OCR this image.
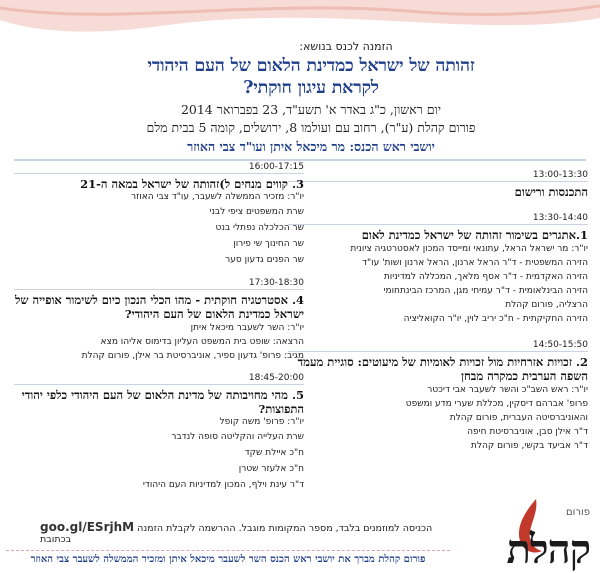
הזמנה לכנס בנושא:
זהותה של ישראל כמדינת הלאום של העם היהודי
לקראת עיגון חוקתי?
יום ראשון, כ"ג באדר א' תשע"ד, 23 בפברואר 2014
פורום קהלת (ע"ר), רחוב עם ועולמו 8, ירושלים, קומה 5 בבית מלם
יושבי ראש הכנס: מר מיכאל איתן ועו"ד צבי האוזר
13:00-13:30
התכנסות ורישום
13:30-14:40
1.אתגרים בשימור זהותה של ישראל כמדינת לאום
יו"ר: מר ישראל הראל, עתונאי ומייסד המכון לאסטרטגיה ציונית
הזירה המשפטית - ד"ר הראל ארנון, הראל ארנון ושות' עו"ד
הזירה האקדמית - ד"ר אסף מלאך, המכללה למדיניות
הזירה הבינלאומית - ד"ר עמיחי מגן, המרכז הבינתחומי
הרצליה, פורום קהלת
הזירה החקיקתית - ח"כ יריב לוין, יו"ר הקואליציה
14:50-15:50
2. זכויות אזרחיות מול זכויות לאומיות של מיעוטים: סוגיית מעמד השפה הערבית כמקרה מבחן
יו"ר: ראש השב"כ והשר לשעבר אבי דיכטר
פרופ' אברהם דיסקין, מכללת שערי מדע ומשפט
והאוניברסיטה העברית, פורום קהלת
ד"ר אילן סבן, אוניברסיטת חיפה
ד"ר אביעד בקשי, פורום קהלת
16:00-17:15
3. קווים מנחים ל)זהותה של ישראל במאה ה-21
יו"ר: מזכיר הממשלה לשעבר, עו"ד צבי האוזר
שרת המשפטים ציפי לבני
שר הכלכלה נפתלי בנט
שר החינוך שי פירון
שר הפנים גדעון סער
17:30-18:30
4. אסטרטגיה חוקתית - מהו הכלי הנכון כיום לשימור אופייה של ישראל כמדינת הלאום של העם היהודי?
יו"ר: השר לשעבר מיכאל איתן
הרצאה: שופט בית המשפט העליון בדימוס אליהו מצא
מגיב: פרופ' גדעון ספיר, אוניברסיטת בר אילן, פורום קהלת
18:45-20:00
5. מהי מחויבותה של מדינת הלאום של העם היהודי כלפי יהודי התפוצות?
יו"ר: פרופ' משה קופל
שרת העלייה והקליטה סופה לנדבר
ח"כ איילת שקד
ח"כ אלעזר שטרן
ד"ר עינת וילף, המכון למדיניות העם היהודי
goo.gl/ESrjhM הכניסה למוזמנים בלבד, מספר המקומות מוגבל. ההרשמה לקבלת הזמנה בכתובת
פורום קהלת מברך את יושבי ראש הכנס השר לשעבר מיכאל איתן ומזכיר הממשלה לשעבר צבי האוזר
פורום
קהלת
